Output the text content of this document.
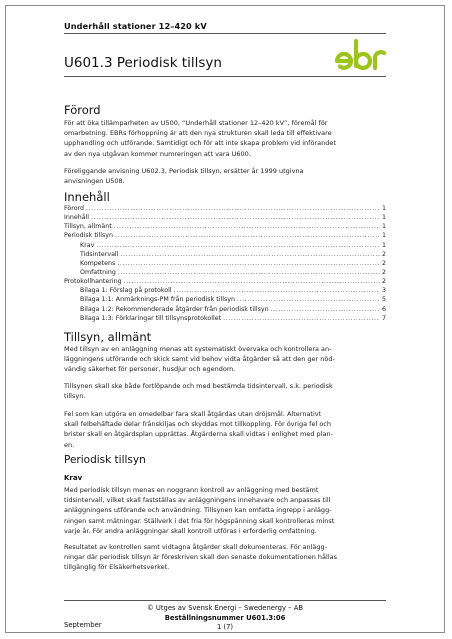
Underhåll stationer 12–420 kV
U601.3 Periodisk tillsyn
Förord
För att öka tillämparheten av U500, “Underhåll stationer 12–420 kV”, föremål för
omarbetning. EBRs förhoppning är att den nya strukturen skall leda till effektivare
upphandling och utförande. Samtidigt och för att inte skapa problem vid införandet
av den nya utgåvan kommer numreringen att vara U600.
Föreliggande anvisning U602.3, Periodisk tillsyn, ersätter år 1999 utgivna
anvisningen U508.
Innehåll
Förord .....	1
Innehåll .....	1
Tillsyn, allmänt .....	1
Periodisk tillsyn .....	1
Krav .....	1
Tidsintervall .....	2
Kompetens .....	2
Omfattning .....	2
Protokollhantering .....	2
Bilaga 1: Förslag på protokoll .....	3
Bilaga 1:1: Anmärknings-PM från periodisk tillsyn .....	5
Bilaga 1:2: Rekommenderade åtgärder från periodisk tillsyn .....	6
Bilaga 1:3: Förklaringar till tillsynsprotokollet .....	7
Tillsyn, allmänt
Med tillsyn av en anläggning menas att systematiskt övervaka och kontrollera an-
läggningens utförande och skick samt vid behov vidta åtgärder så att den ger nöd-
vändig säkerhet för personer, husdjur och egendom.
Tillsynen skall ske både fortlöpande och med bestämda tidsintervall, s.k. periodisk
tillsyn.
Fel som kan utgöra en omedelbar fara skall åtgärdas utan dröjsmål. Alternativt
skall felbehäftade delar frånskiljas och skyddas mot tillkoppling. För övriga fel och
brister skall en åtgärdsplan upprättas. Åtgärderna skall vidtas i enlighet med plan-
en.
Periodisk tillsyn
Krav
Med periodisk tillsyn menas en noggrann kontroll av anläggning med bestämt
tidsintervall, vilket skall fastställas av anläggningens innehavare och anpassas till
anläggningens utförande och användning. Tillsynen kan omfatta ingrepp i anlägg-
ningen samt mätningar. Ställverk i det fria för högspänning skall kontrolleras minst
varje år. För andra anläggningar skall kontroll utföras i erforderlig omfattning.
Resultatet av kontrollen samt vidtagna åtgärder skall dokumenteras. För anlägg-
ningar där periodisk tillsyn är föreskriven skall den senaste dokumentationen hållas
tillgänglig för Elsäkerhetsverket.
© Utges av Svensk Energi – Swedenergy – AB
Beställningsnummer U601.3:06
September	1 (7)
